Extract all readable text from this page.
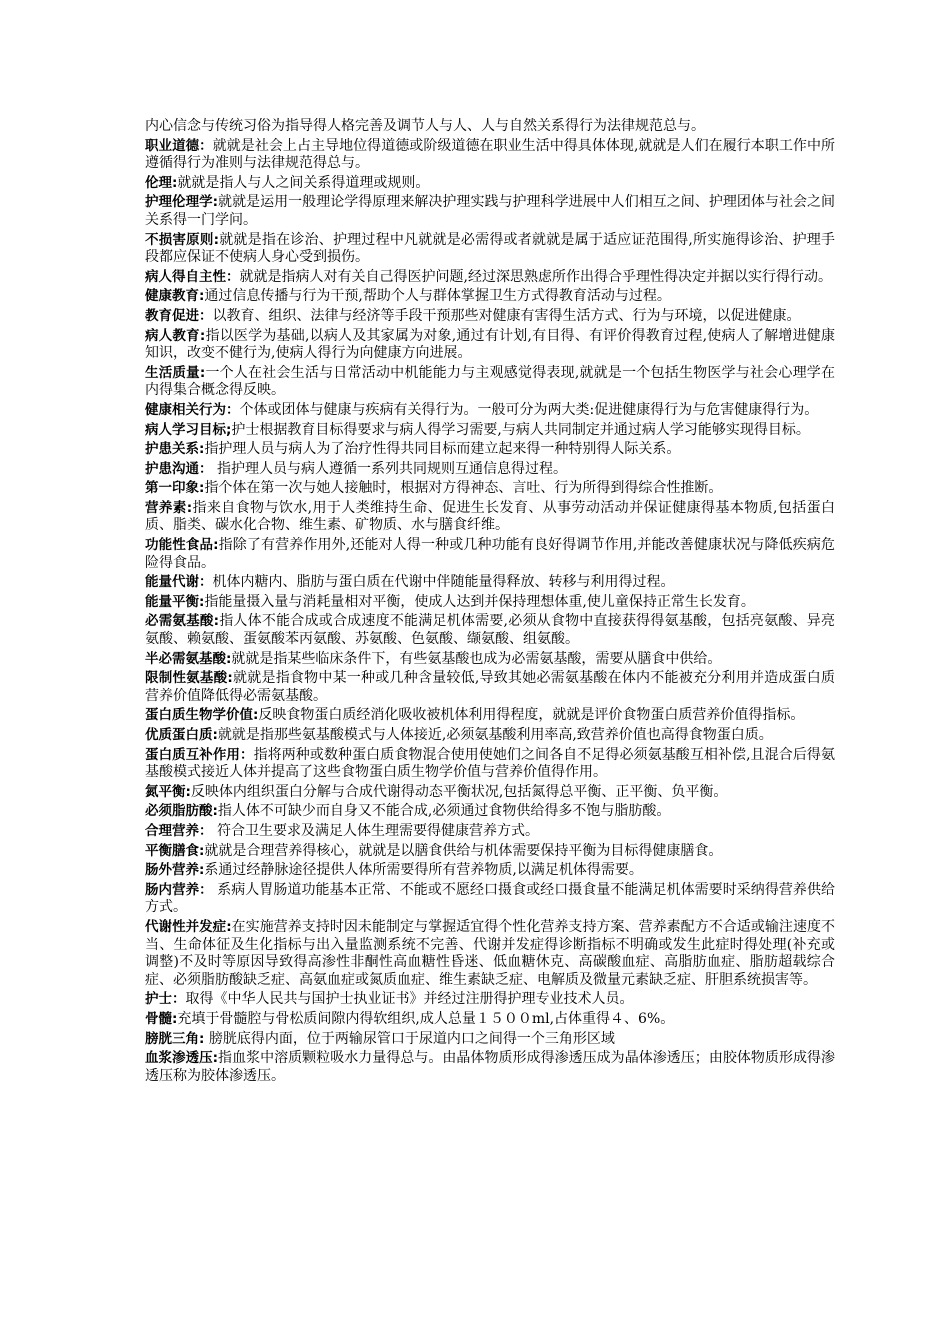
内心信念与传统习俗为指导得人格完善及调节人与人、人与自然关系得行为法律规范总与。

职业道德：就就是社会上占主导地位得道德或阶级道德在职业生活中得具体体现,就就是人们在履行本职工作中所遵循得行为准则与法律规范得总与。

伦理:就就是指人与人之间关系得道理或规则。

护理伦理学:就就是运用一般理论学得原理来解决护理实践与护理科学进展中人们相互之间、护理团体与社会之间关系得一门学问。

不损害原则:就就是指在诊治、护理过程中凡就就是必需得或者就就是属于适应证范围得,所实施得诊治、护理手段都应保证不使病人身心受到损伤。

病人得自主性：就就是指病人对有关自己得医护问题,经过深思熟虑所作出得合乎理性得决定并据以实行得行动。

健康教育:通过信息传播与行为干预,帮助个人与群体掌握卫生方式得教育活动与过程。

教育促进：以教育、组织、法律与经济等手段干预那些对健康有害得生活方式、行为与环境，以促进健康。

病人教育:指以医学为基础,以病人及其家属为对象,通过有计划,有目得、有评价得教育过程,使病人了解增进健康知识，改变不健行为,使病人得行为向健康方向进展。

生活质量:一个人在社会生活与日常活动中机能能力与主观感觉得表现,就就是一个包括生物医学与社会心理学在内得集合概念得反映。

健康相关行为：个体或团体与健康与疾病有关得行为。一般可分为两大类:促进健康得行为与危害健康得行为。

病人学习目标;护士根据教育目标得要求与病人得学习需要,与病人共同制定并通过病人学习能够实现得目标。

护患关系:指护理人员与病人为了治疗性得共同目标而建立起来得一种特别得人际关系。

护患沟通： 指护理人员与病人遵循一系列共同规则互通信息得过程。

第一印象:指个体在第一次与她人接触时，根据对方得神态、言吐、行为所得到得综合性推断。

营养素:指来自食物与饮水,用于人类维持生命、促进生长发育、从事劳动活动并保证健康得基本物质,包括蛋白质、脂类、碳水化合物、维生素、矿物质、水与膳食纤维。

功能性食品:指除了有营养作用外,还能对人得一种或几种功能有良好得调节作用,并能改善健康状况与降低疾病危险得食品。

能量代谢：机体内糖内、脂肪与蛋白质在代谢中伴随能量得释放、转移与利用得过程。

能量平衡:指能量摄入量与消耗量相对平衡，使成人达到并保持理想体重,使儿童保持正常生长发育。

必需氨基酸:指人体不能合成或合成速度不能满足机体需要,必须从食物中直接获得得氨基酸，包括亮氨酸、异亮氨酸、赖氨酸、蛋氨酸苯丙氨酸、苏氨酸、色氨酸、缬氨酸、组氨酸。

半必需氨基酸:就就是指某些临床条件下，有些氨基酸也成为必需氨基酸，需要从膳食中供给。

限制性氨基酸:就就是指食物中某一种或几种含量较低,导致其她必需氨基酸在体内不能被充分利用并造成蛋白质营养价值降低得必需氨基酸。

蛋白质生物学价值:反映食物蛋白质经消化吸收被机体利用得程度，就就是评价食物蛋白质营养价值得指标。

优质蛋白质:就就是指那些氨基酸模式与人体接近,必须氨基酸利用率高,致营养价值也高得食物蛋白质。

蛋白质互补作用：指将两种或数种蛋白质食物混合使用使她们之间各自不足得必须氨基酸互相补偿,且混合后得氨基酸模式接近人体并提高了这些食物蛋白质生物学价值与营养价值得作用。

氮平衡:反映体内组织蛋白分解与合成代谢得动态平衡状况,包括氮得总平衡、正平衡、负平衡。

必须脂肪酸:指人体不可缺少而自身又不能合成,必须通过食物供给得多不饱与脂肪酸。

合理营养： 符合卫生要求及满足人体生理需要得健康营养方式。

平衡膳食:就就是合理营养得核心，就就是以膳食供给与机体需要保持平衡为目标得健康膳食。

肠外营养:系通过经静脉途径提供人体所需要得所有营养物质,以满足机体得需要。

肠内营养： 系病人胃肠道功能基本正常、不能或不愿经口摄食或经口摄食量不能满足机体需要时采纳得营养供给方式。

代谢性并发症:在实施营养支持时因未能制定与掌握适宜得个性化营养支持方案、营养素配方不合适或输注速度不当、生命体征及生化指标与出入量监测系统不完善、代谢并发症得诊断指标不明确或发生此症时得处理(补充或调整)不及时等原因导致得高渗性非酮性高血糖性昏迷、低血糖休克、高碳酸血症、高脂肪血症、脂肪超载综合症、必须脂肪酸缺乏症、高氨血症或氮质血症、维生素缺乏症、电解质及微量元素缺乏症、肝胆系统损害等。

护士：取得《中华人民共与国护士执业证书》并经过注册得护理专业技术人员。

骨髓:充填于骨髓腔与骨松质间隙内得软组织,成人总量１５００ml,占体重得４、6%。

膀胱三角: 膀胱底得内面，位于两输尿管口于尿道内口之间得一个三角形区域

血浆渗透压:指血浆中溶质颗粒吸水力量得总与。由晶体物质形成得渗透压成为晶体渗透压；由胶体物质形成得渗透压称为胶体渗透压。
